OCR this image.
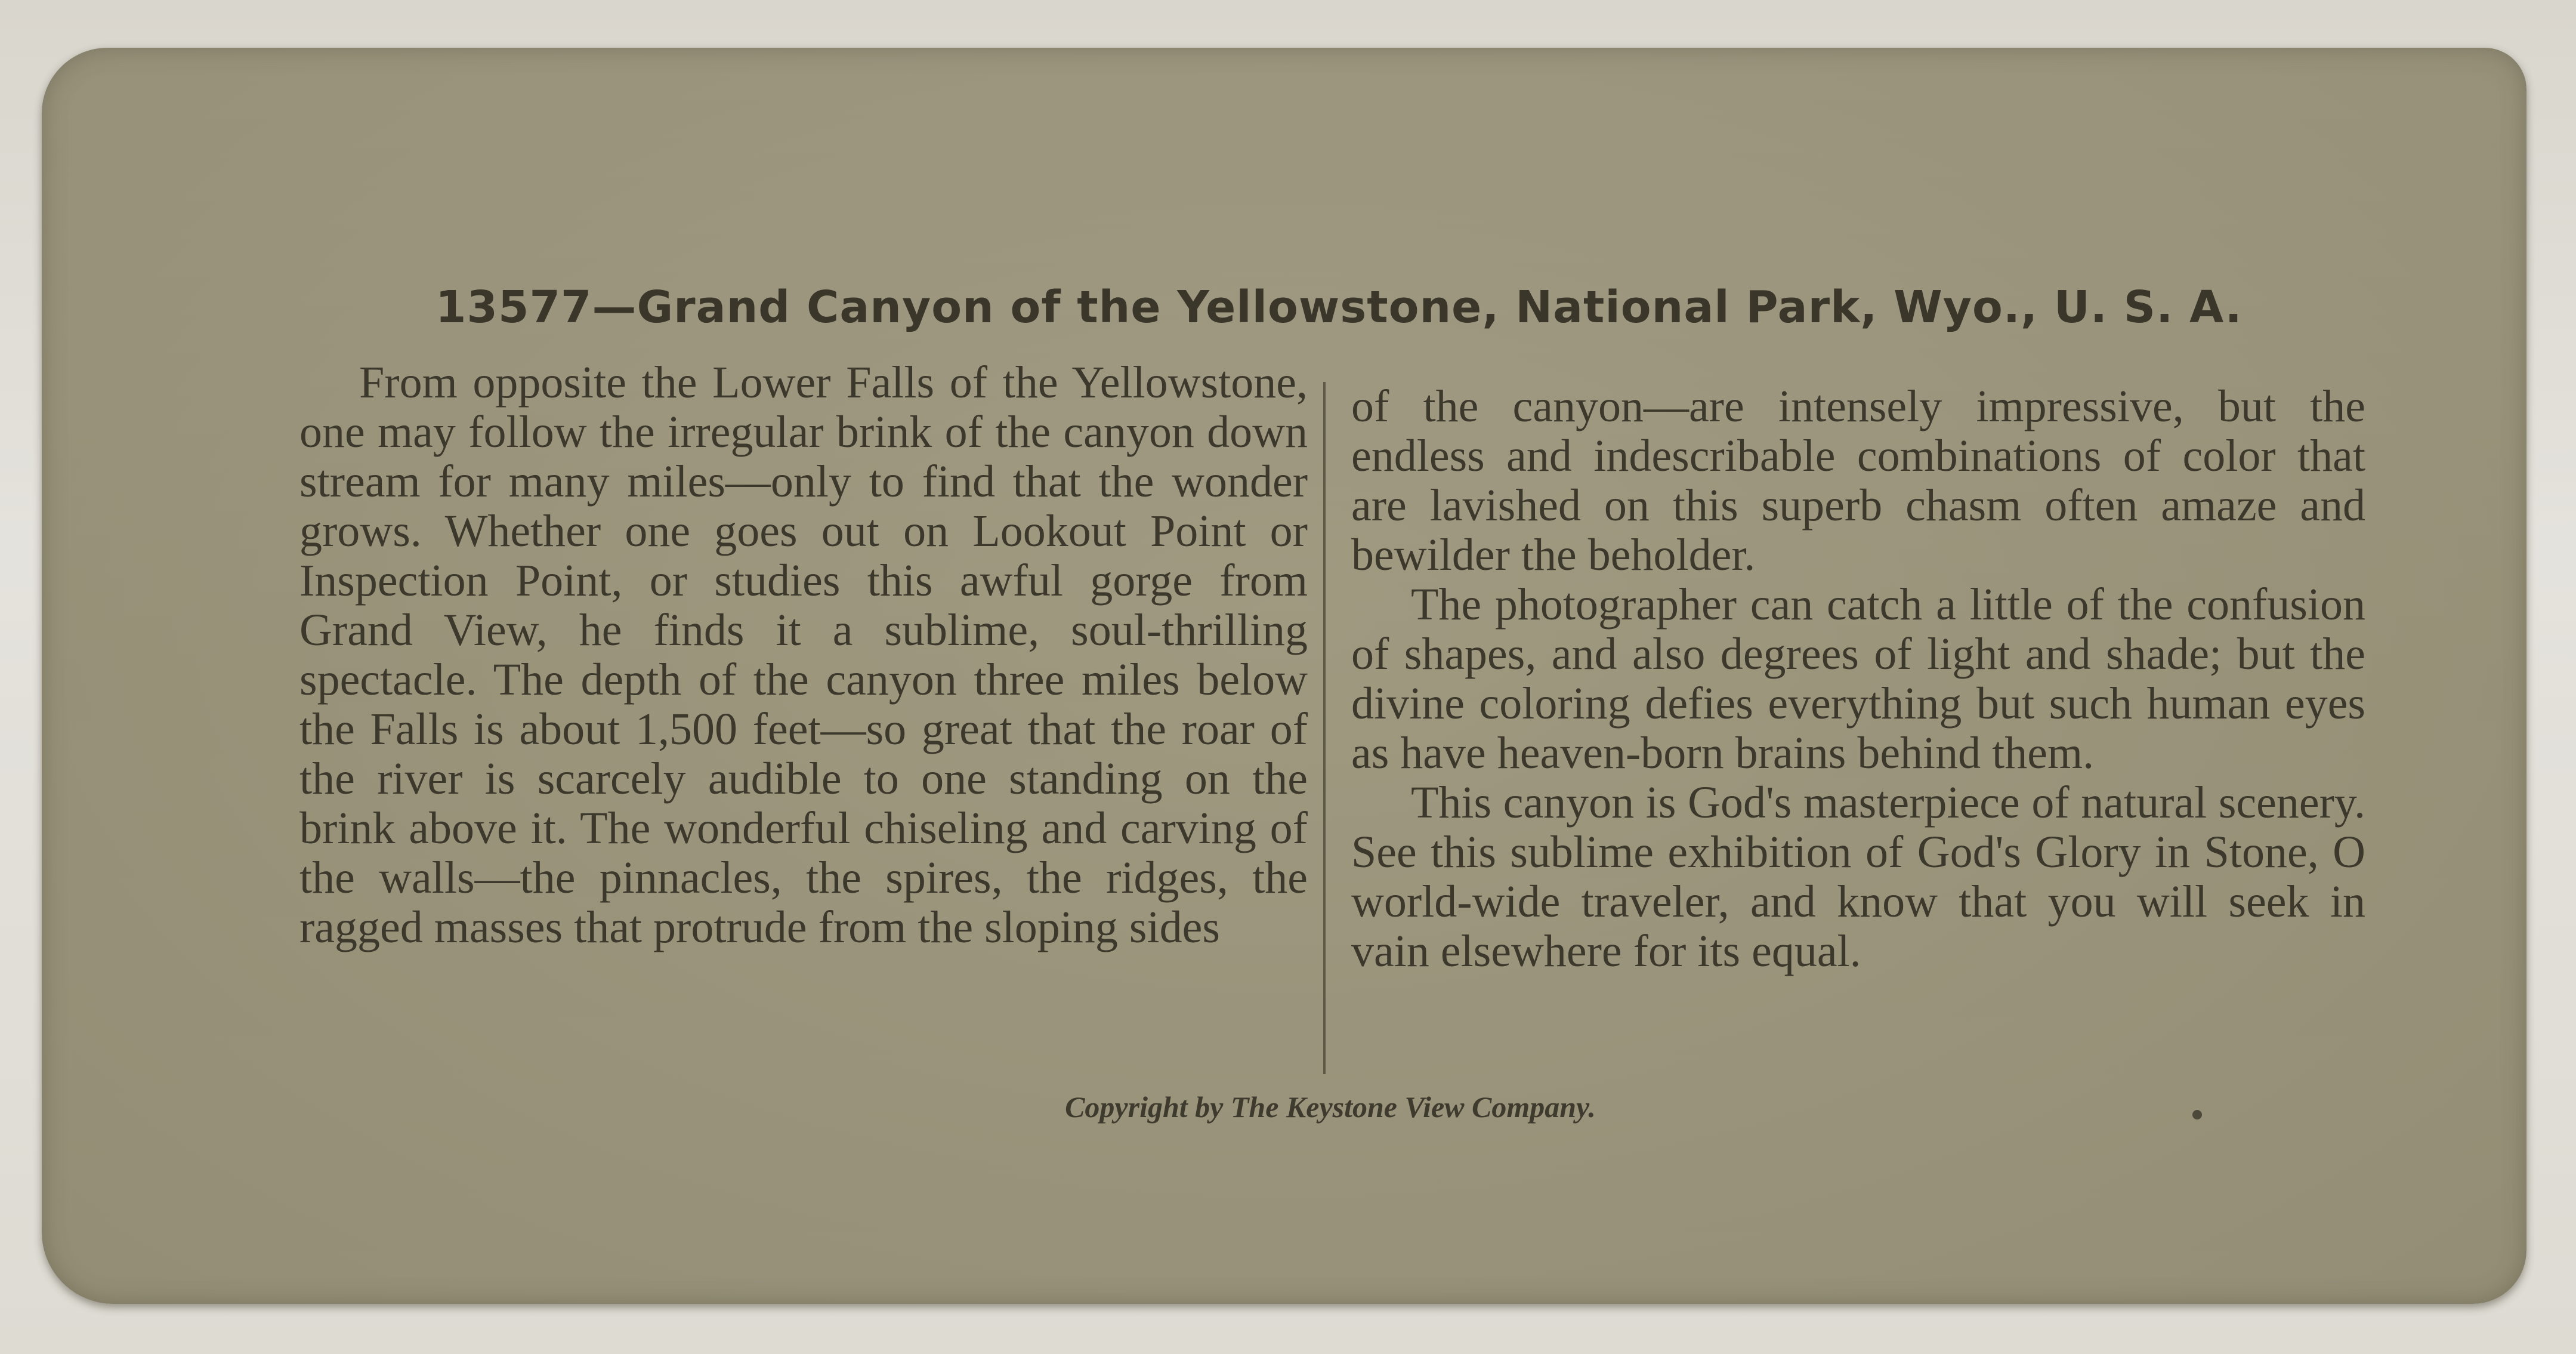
13577—Grand Canyon of the Yellowstone, National Park, Wyo., U. S. A.

From opposite the Lower Falls of the Yellowstone, one may follow the irregular brink of the canyon down stream for many miles—only to find that the wonder grows. Whether one goes out on Lookout Point or Inspection Point, or studies this awful gorge from Grand View, he finds it a sublime, soul-thrilling spectacle. The depth of the canyon three miles below the Falls is about 1,500 feet—so great that the roar of the river is scarcely audible to one standing on the brink above it. The wonderful chiseling and carving of the walls—the pinnacles, the spires, the ridges, the ragged masses that protrude from the sloping sides

of the canyon—are intensely impressive, but the endless and indescribable combinations of color that are lavished on this superb chasm often amaze and bewilder the beholder.

The photographer can catch a little of the confusion of shapes, and also degrees of light and shade; but the divine coloring defies everything but such human eyes as have heaven-born brains behind them.

This canyon is God's masterpiece of natural scenery. See this sublime exhibition of God's Glory in Stone, O world-wide traveler, and know that you will seek in vain elsewhere for its equal.

Copyright by The Keystone View Company.
